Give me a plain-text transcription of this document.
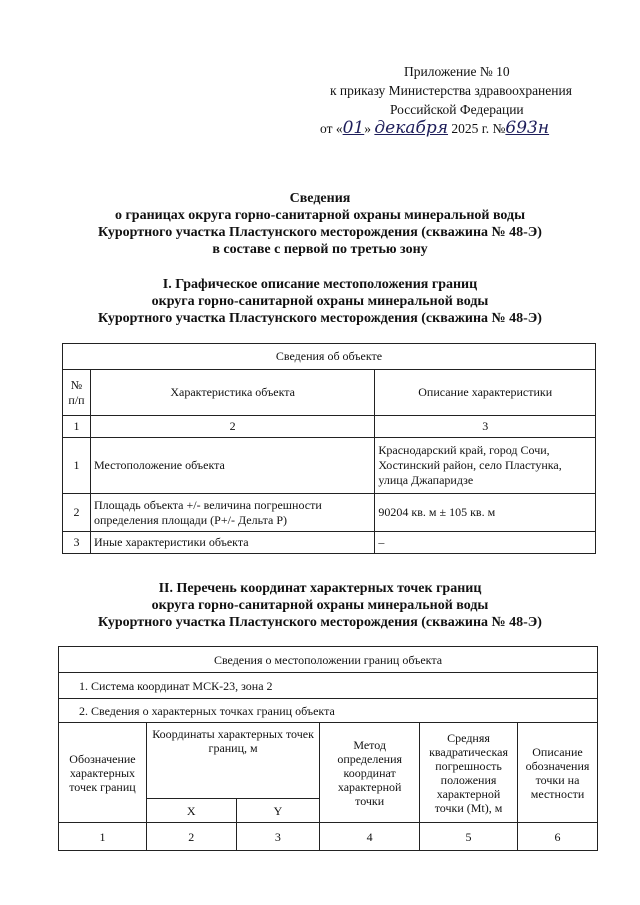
Приложение № 10
к приказу Министерства здравоохранения
Российской Федерации
от «01» декабря 2025 г. №693н
Сведения
о границах округа горно-санитарной охраны минеральной воды
Курортного участка Пластунского месторождения (скважина № 48-Э)
в составе с первой по третью зону
I. Графическое описание местоположения границ
округа горно-санитарной охраны минеральной воды
Курортного участка Пластунского месторождения (скважина № 48-Э)
Сведения об объекте		
№ п/п	Характеристика объекта	Описание характеристики
1	2	3
1	Местоположение объекта	Краснодарский край, город Сочи, Хостинский район, село Пластунка, улица Джапаридзе
2	Площадь объекта +/- величина погрешности определения площади (Р+/- Дельта Р)	90204 кв. м ± 105 кв. м
3	Иные характеристики объекта	–
II. Перечень координат характерных точек границ
округа горно-санитарной охраны минеральной воды
Курортного участка Пластунского месторождения (скважина № 48-Э)
Сведения о местоположении границ объекта					
1. Система координат МСК-23, зона 2					
2. Сведения о характерных точках границ объекта					
Обозначение характерных точек границ	Координаты характерных точек границ, м		Метод определения координат характерной точки	Средняя квадратическая погрешность положения характерной точки (Mt), м	Описание обозначения точки на местности
	X	Y			
1	2	3	4	5	6
